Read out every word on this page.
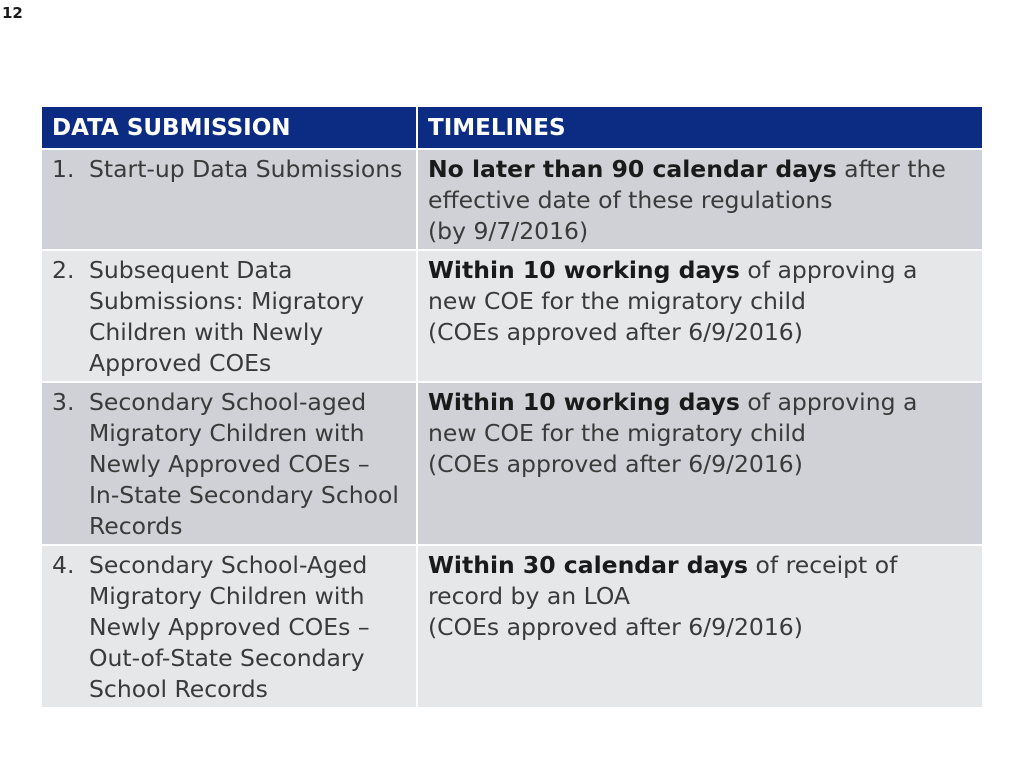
12
DATA SUBMISSION	TIMELINES

1. Start-up Data Submissions	No later than 90 calendar days after the effective date of these regulations
(by 9/7/2016)

2. Subsequent Data Submissions: Migratory Children with Newly Approved COEs	Within 10 working days of approving a new COE for the migratory child
(COEs approved after 6/9/2016)

3. Secondary School-aged Migratory Children with Newly Approved COEs – In-State Secondary School Records	Within 10 working days of approving a new COE for the migratory child
(COEs approved after 6/9/2016)

4. Secondary School-Aged Migratory Children with Newly Approved COEs – Out-of-State Secondary School Records	Within 30 calendar days of receipt of record by an LOA
(COEs approved after 6/9/2016)
